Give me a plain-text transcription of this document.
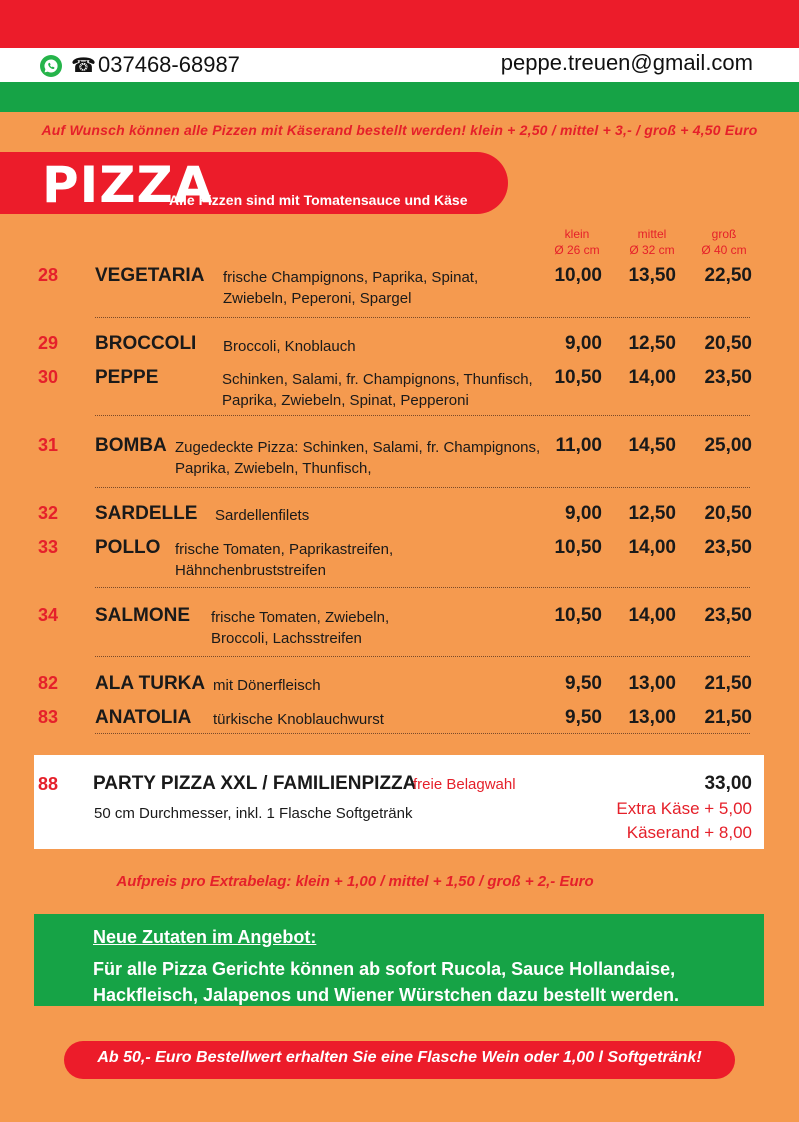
☎ 037468-68987	peppe.treuen@gmail.com
Auf Wunsch können alle Pizzen mit Käserand bestellt werden! klein + 2,50 / mittel + 3,- / groß + 4,50 Euro
PIZZA
Alle Pizzen sind mit Tomatensauce und Käse
klein
Ø 26 cm
mittel
Ø 32 cm
groß
Ø 40 cm
28 VEGETARIA frische Champignons, Paprika, Spinat,
Zwiebeln, Peperoni, Spargel
10,00	13,50	22,50
29 BROCCOLI Broccoli, Knoblauch	9,00	12,50	20,50
30 PEPPE	Schinken, Salami, fr. Champignons, Thunfisch,
Paprika, Zwiebeln, Spinat, Pepperoni
10,50	14,00	23,50
31 BOMBA Zugedeckte Pizza: Schinken, Salami, fr. Champignons,
Paprika, Zwiebeln, Thunfisch,
11,00	14,50	25,00
32 SARDELLE Sardellenfilets	9,00	12,50	20,50
33 POLLO frische Tomaten, Paprikastreifen,
Hähnchenbruststreifen
10,50	14,00	23,50
34 SALMONE frische Tomaten, Zwiebeln,
Broccoli, Lachsstreifen
10,50	14,00	23,50
82 ALA TURKA mit Dönerfleisch	9,50	13,00	21,50
83 ANATOLIA türkische Knoblauchwurst	9,50	13,00	21,50
88 PARTY PIZZA XXL / FAMILIENPIZZA
freie Belagwahl
50 cm Durchmesser, inkl. 1 Flasche Softgetränk
33,00
Extra Käse + 5,00
Käserand + 8,00
Aufpreis pro Extrabelag: klein + 1,00 / mittel + 1,50 / groß + 2,- Euro
Neue Zutaten im Angebot:
Für alle Pizza Gerichte können ab sofort Rucola, Sauce Hollandaise, Hackfleisch, Jalapenos und Wiener Würstchen dazu bestellt werden.
Ab 50,- Euro Bestellwert erhalten Sie eine Flasche Wein oder 1,00 l Softgetränk!
